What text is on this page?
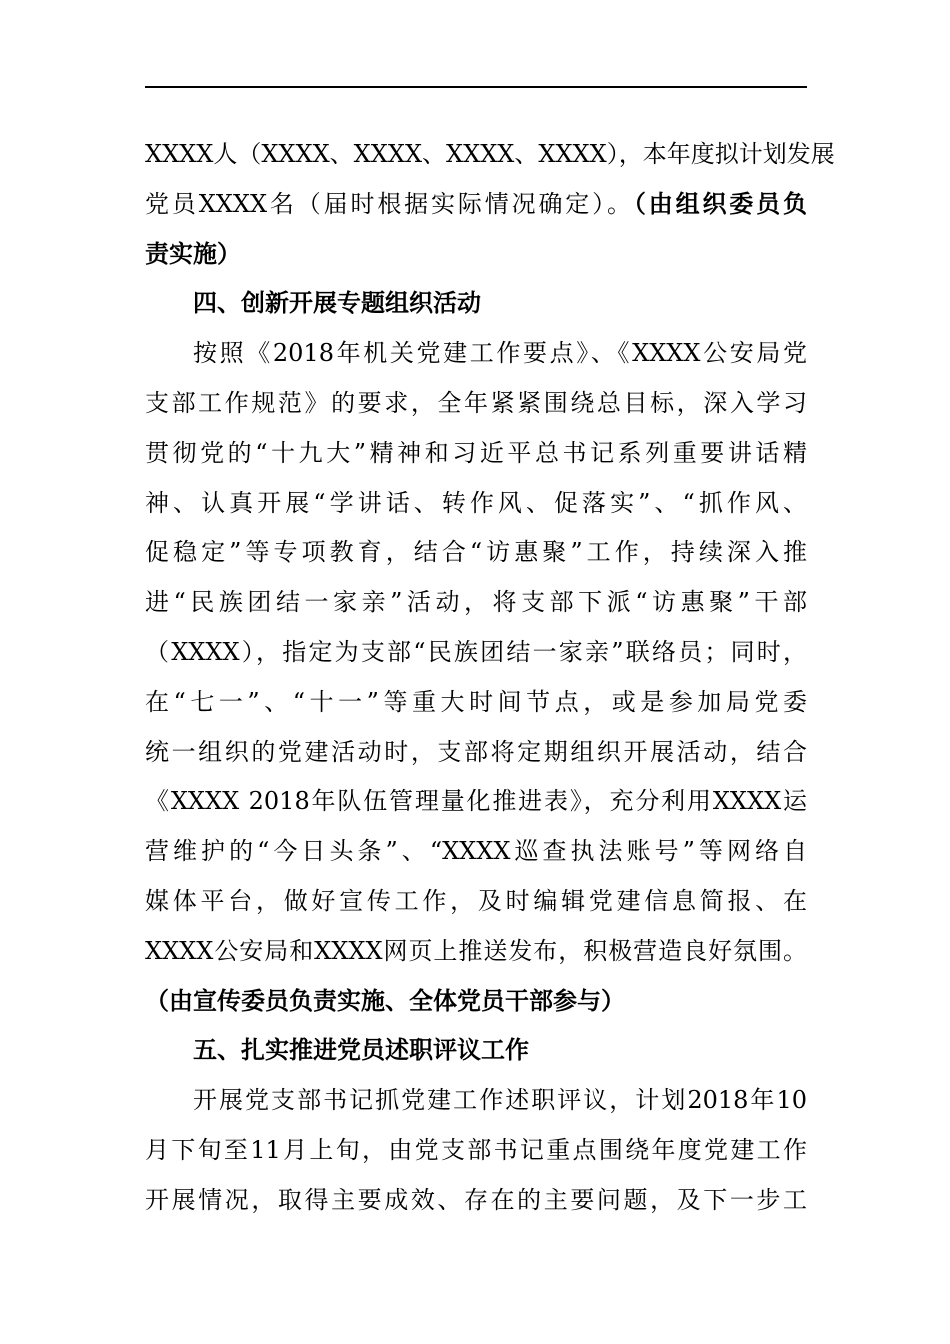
XXXX人（XXXX、XXXX、XXXX、XXXX），本年度拟计划发展
党员XXXX名（届时根据实际情况确定）。（由组织委员负
责实施）
四、创新开展专题组织活动
按照《2018年机关党建工作要点》、《XXXX公安局党
支部工作规范》的要求，全年紧紧围绕总目标，深入学习
贯彻党的“十九大”精神和习近平总书记系列重要讲话精
神、认真开展“学讲话、转作风、促落实”、“抓作风、
促稳定”等专项教育，结合“访惠聚”工作，持续深入推
进“民族团结一家亲”活动，将支部下派“访惠聚”干部
（XXXX），指定为支部“民族团结一家亲”联络员；同时，
在“七一”、“十一”等重大时间节点，或是参加局党委
统一组织的党建活动时，支部将定期组织开展活动，结合
《XXXX 2018年队伍管理量化推进表》，充分利用XXXX运
营维护的“今日头条”、“XXXX巡查执法账号”等网络自
媒体平台，做好宣传工作，及时编辑党建信息简报、在
XXXX公安局和XXXX网页上推送发布，积极营造良好氛围。
（由宣传委员负责实施、全体党员干部参与）
五、扎实推进党员述职评议工作
开展党支部书记抓党建工作述职评议，计划2018年10
月下旬至11月上旬，由党支部书记重点围绕年度党建工作
开展情况，取得主要成效、存在的主要问题，及下一步工
